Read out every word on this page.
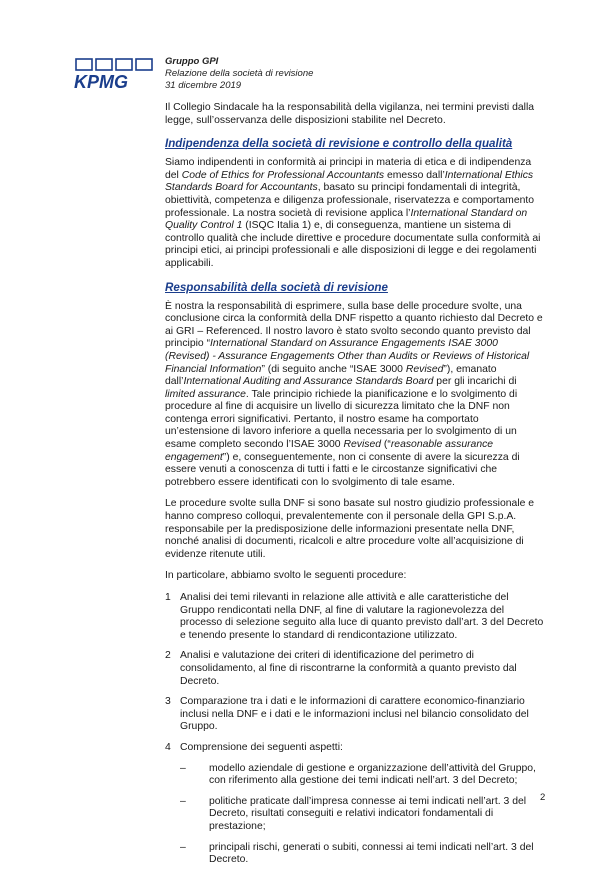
KPMG
Gruppo GPI
Relazione della società di revisione
31 dicembre 2019

Il Collegio Sindacale ha la responsabilità della vigilanza, nei termini previsti dalla legge, sull’osservanza delle disposizioni stabilite nel Decreto.

Indipendenza della società di revisione e controllo della qualità

Siamo indipendenti in conformità ai principi in materia di etica e di indipendenza del Code of Ethics for Professional Accountants emesso dall’International Ethics Standards Board for Accountants, basato su principi fondamentali di integrità, obiettività, competenza e diligenza professionale, riservatezza e comportamento professionale. La nostra società di revisione applica l’International Standard on Quality Control 1 (ISQC Italia 1) e, di conseguenza, mantiene un sistema di controllo qualità che include direttive e procedure documentate sulla conformità ai principi etici, ai principi professionali e alle disposizioni di legge e dei regolamenti applicabili.

Responsabilità della società di revisione

È nostra la responsabilità di esprimere, sulla base delle procedure svolte, una conclusione circa la conformità della DNF rispetto a quanto richiesto dal Decreto e ai GRI – Referenced. Il nostro lavoro è stato svolto secondo quanto previsto dal principio “International Standard on Assurance Engagements ISAE 3000 (Revised) - Assurance Engagements Other than Audits or Reviews of Historical Financial Information” (di seguito anche “ISAE 3000 Revised”), emanato dall’International Auditing and Assurance Standards Board per gli incarichi di limited assurance. Tale principio richiede la pianificazione e lo svolgimento di procedure al fine di acquisire un livello di sicurezza limitato che la DNF non contenga errori significativi. Pertanto, il nostro esame ha comportato un’estensione di lavoro inferiore a quella necessaria per lo svolgimento di un esame completo secondo l’ISAE 3000 Revised (“reasonable assurance engagement”) e, conseguentemente, non ci consente di avere la sicurezza di essere venuti a conoscenza di tutti i fatti e le circostanze significativi che potrebbero essere identificati con lo svolgimento di tale esame.

Le procedure svolte sulla DNF si sono basate sul nostro giudizio professionale e hanno compreso colloqui, prevalentemente con il personale della GPI S.p.A. responsabile per la predisposizione delle informazioni presentate nella DNF, nonché analisi di documenti, ricalcoli e altre procedure volte all’acquisizione di evidenze ritenute utili.

In particolare, abbiamo svolto le seguenti procedure:

1 Analisi dei temi rilevanti in relazione alle attività e alle caratteristiche del Gruppo rendicontati nella DNF, al fine di valutare la ragionevolezza del processo di selezione seguito alla luce di quanto previsto dall’art. 3 del Decreto e tenendo presente lo standard di rendicontazione utilizzato.
2 Analisi e valutazione dei criteri di identificazione del perimetro di consolidamento, al fine di riscontrarne la conformità a quanto previsto dal Decreto.
3 Comparazione tra i dati e le informazioni di carattere economico-finanziario inclusi nella DNF e i dati e le informazioni inclusi nel bilancio consolidato del Gruppo.
4 Comprensione dei seguenti aspetti:
– modello aziendale di gestione e organizzazione dell’attività del Gruppo, con riferimento alla gestione dei temi indicati nell’art. 3 del Decreto;
– politiche praticate dall’impresa connesse ai temi indicati nell’art. 3 del Decreto, risultati conseguiti e relativi indicatori fondamentali di prestazione;
– principali rischi, generati o subiti, connessi ai temi indicati nell’art. 3 del Decreto.
2
